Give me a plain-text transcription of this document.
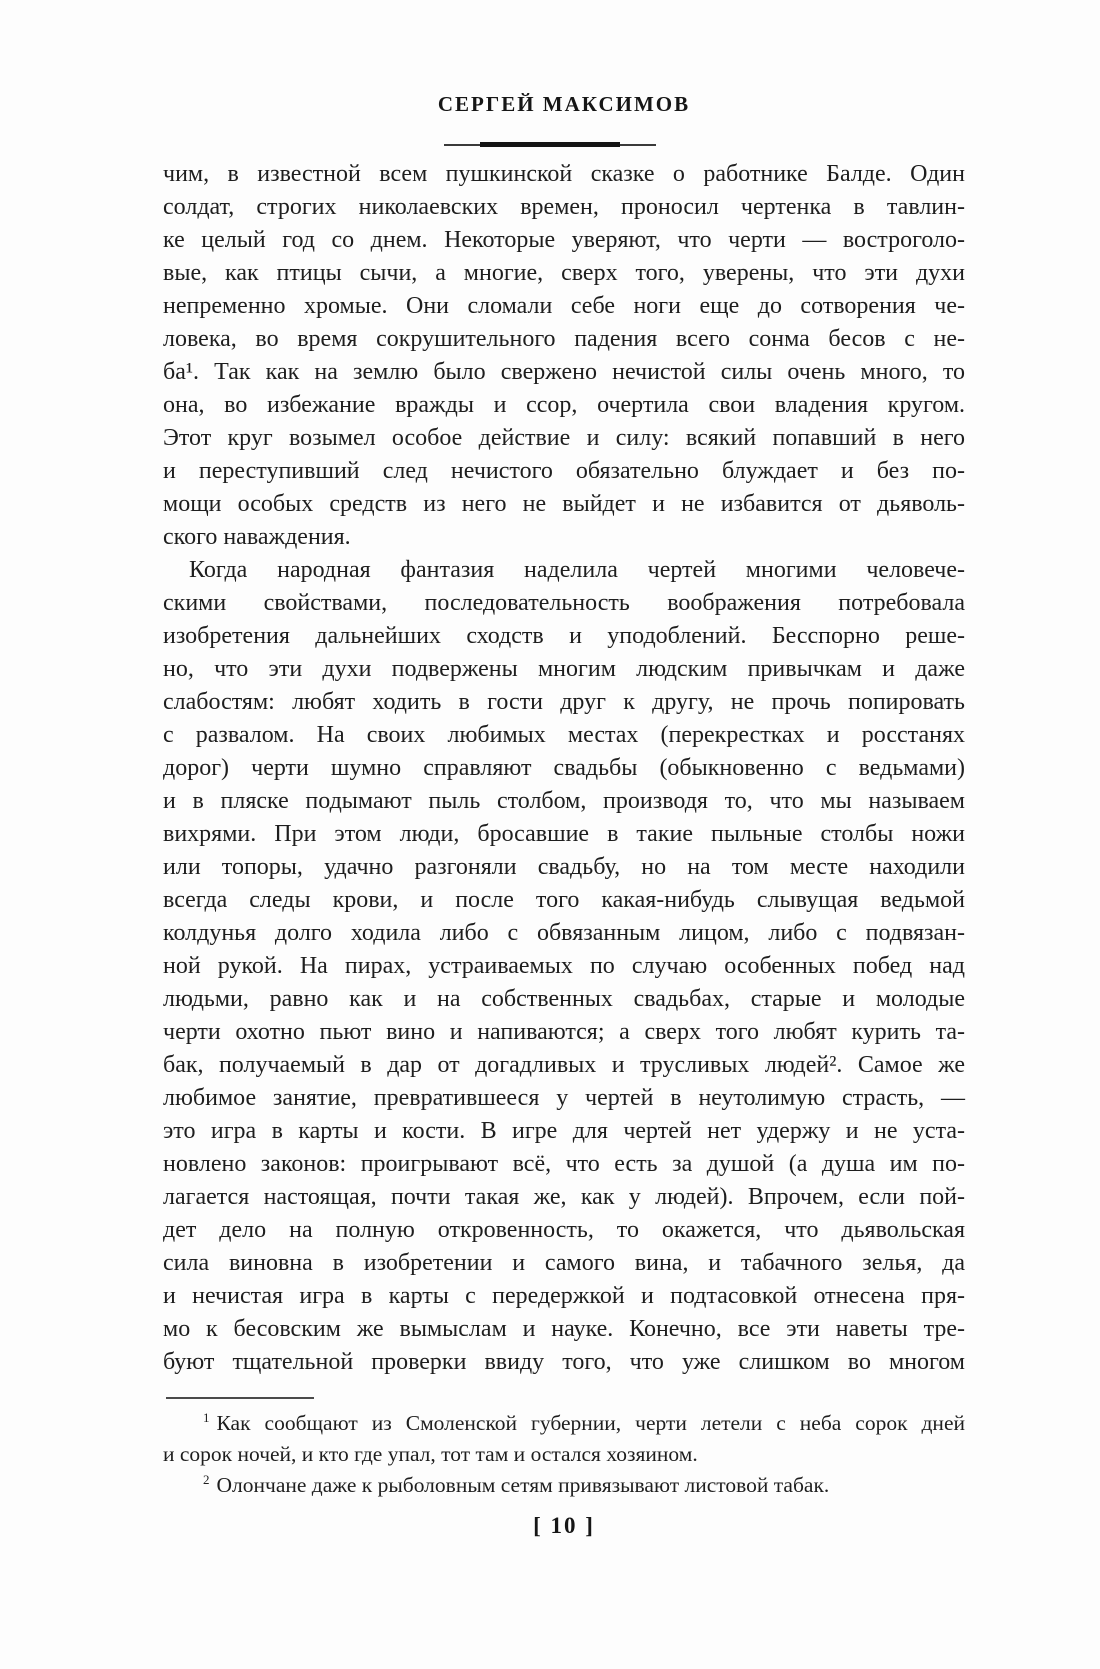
СЕРГЕЙ МАКСИМОВ
чим, в известной всем пушкинской сказке о работнике Балде. Один
солдат, строгих николаевских времен, проносил чертенка в тавлин-
ке целый год со днем. Некоторые уверяют, что черти — востроголо-
вые, как птицы сычи, а многие, сверх того, уверены, что эти духи
непременно хромые. Они сломали себе ноги еще до сотворения че-
ловека, во время сокрушительного падения всего сонма бесов с не-
ба¹. Так как на землю было свержено нечистой силы очень много, то
она, во избежание вражды и ссор, очертила свои владения кругом.
Этот круг возымел особое действие и силу: всякий попавший в него
и переступивший след нечистого обязательно блуждает и без по-
мощи особых средств из него не выйдет и не избавится от дьяволь-
ского наваждения.
Когда народная фантазия наделила чертей многими человече-
скими свойствами, последовательность воображения потребовала
изобретения дальнейших сходств и уподоблений. Бесспорно реше-
но, что эти духи подвержены многим людским привычкам и даже
слабостям: любят ходить в гости друг к другу, не прочь попировать
с развалом. На своих любимых местах (перекрестках и росстанях
дорог) черти шумно справляют свадьбы (обыкновенно с ведьмами)
и в пляске подымают пыль столбом, производя то, что мы называем
вихрями. При этом люди, бросавшие в такие пыльные столбы ножи
или топоры, удачно разгоняли свадьбу, но на том месте находили
всегда следы крови, и после того какая-нибудь слывущая ведьмой
колдунья долго ходила либо с обвязанным лицом, либо с подвязан-
ной рукой. На пирах, устраиваемых по случаю особенных побед над
людьми, равно как и на собственных свадьбах, старые и молодые
черти охотно пьют вино и напиваются; а сверх того любят курить та-
бак, получаемый в дар от догадливых и трусливых людей². Самое же
любимое занятие, превратившееся у чертей в неутолимую страсть, —
это игра в карты и кости. В игре для чертей нет удержу и не уста-
новлено законов: проигрывают всё, что есть за душой (а душа им по-
лагается настоящая, почти такая же, как у людей). Впрочем, если пой-
дет дело на полную откровенность, то окажется, что дьявольская
сила виновна в изобретении и самого вина, и табачного зелья, да
и нечистая игра в карты с передержкой и подтасовкой отнесена пря-
мо к бесовским же вымыслам и науке. Конечно, все эти наветы тре-
буют тщательной проверки ввиду того, что уже слишком во многом
$^1$ Как сообщают из Смоленской губернии, черти летели с неба сорок дней
и сорок ночей, и кто где упал, тот там и остался хозяином.
$^2$ Олончане даже к рыболовным сетям привязывают листовой табак.
[ 10 ]
